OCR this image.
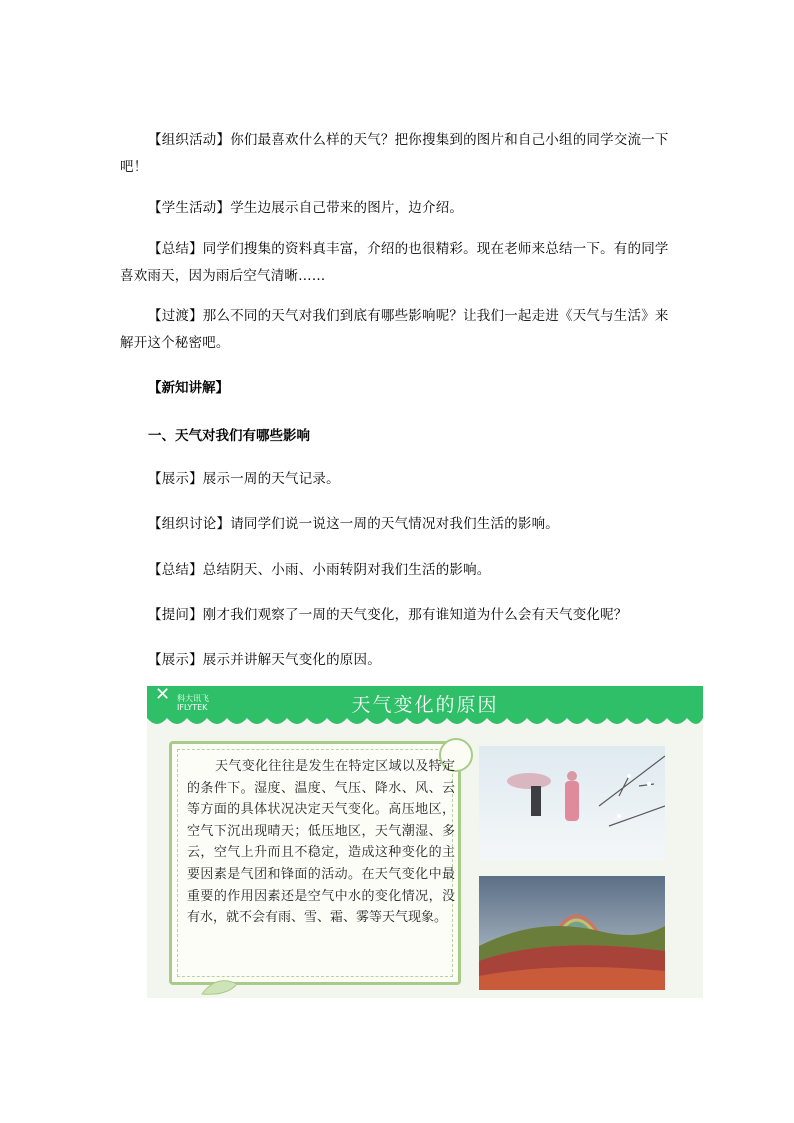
【组织活动】你们最喜欢什么样的天气？把你搜集到的图片和自己小组的同学交流一下吧！

【学生活动】学生边展示自己带来的图片，边介绍。

【总结】同学们搜集的资料真丰富，介绍的也很精彩。现在老师来总结一下。有的同学喜欢雨天，因为雨后空气清晰……

【过渡】那么不同的天气对我们到底有哪些影响呢？让我们一起走进《天气与生活》来解开这个秘密吧。

【新知讲解】

一、天气对我们有哪些影响

【展示】展示一周的天气记录。

【组织讨论】请同学们说一说这一周的天气情况对我们生活的影响。

【总结】总结阴天、小雨、小雨转阴对我们生活的影响。

【提问】刚才我们观察了一周的天气变化，那有谁知道为什么会有天气变化呢？

【展示】展示并讲解天气变化的原因。

✕ 科大讯飞
IFLYTEK	天气变化的原因

天气变化往往是发生在特定区域以及特定的条件下。湿度、温度、气压、降水、风、云等方面的具体状况决定天气变化。高压地区，空气下沉出现晴天；低压地区，天气潮湿、多云，空气上升而且不稳定，造成这种变化的主要因素是气团和锋面的活动。在天气变化中最重要的作用因素还是空气中水的变化情况，没有水，就不会有雨、雪、霜、雾等天气现象。
